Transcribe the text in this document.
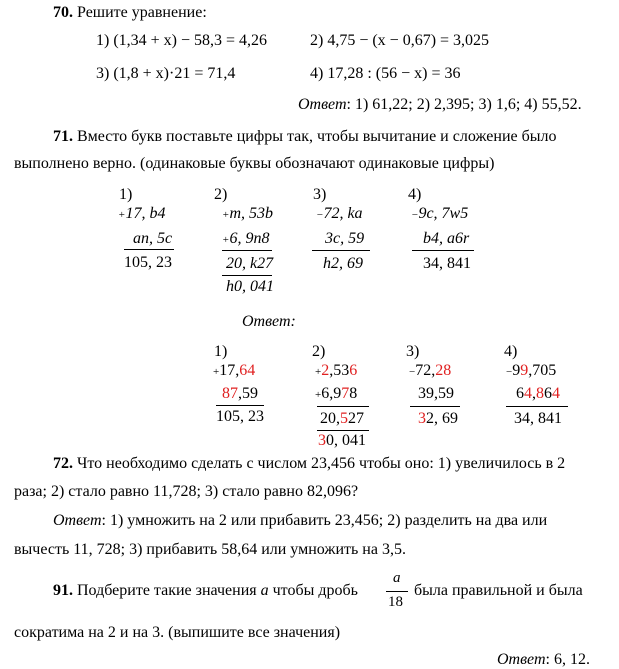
70. Решите уравнение:
1) (1,34 + x) − 58,3 = 4,26	2) 4,75 − (x − 0,67) = 3,025
3) (1,8 + x)·21 = 71,4	4) 17,28 : (56 − x) = 36
Ответ: 1) 61,22; 2) 2,395; 3) 1,6; 4) 55,52.
71. Вместо букв поставьте цифры так, чтобы вычитание и сложение было
выполнено верно. (одинаковые буквы обозначают одинаковые цифры)
1)
+17, b4
an, 5c
105, 23
2)
+m, 53b
+6, 9n8
20, k27
h0, 041
3)
−72, ka
3c, 59
h2, 69
4)
−9c, 7w5
b4, a6r
34, 841
Ответ:
1)
+17,64
87,59
105, 23
2)
+2,536
+6,978
20,527
30, 041
3)
−72,28
39,59
32, 69
4)
−99,705
64,864
34, 841
72. Что необходимо сделать с числом 23,456 чтобы оно: 1) увеличилось в 2
раза; 2) стало равно 11,728; 3) стало равно 82,096?
Ответ: 1) умножить на 2 или прибавить 23,456; 2) разделить на два или
вычесть 11, 728; 3) прибавить 58,64 или умножить на 3,5.
91. Подберите такие значения a чтобы дробь
a
18
была правильной и была
сократима на 2 и на 3. (выпишите все значения)
Ответ: 6, 12.
